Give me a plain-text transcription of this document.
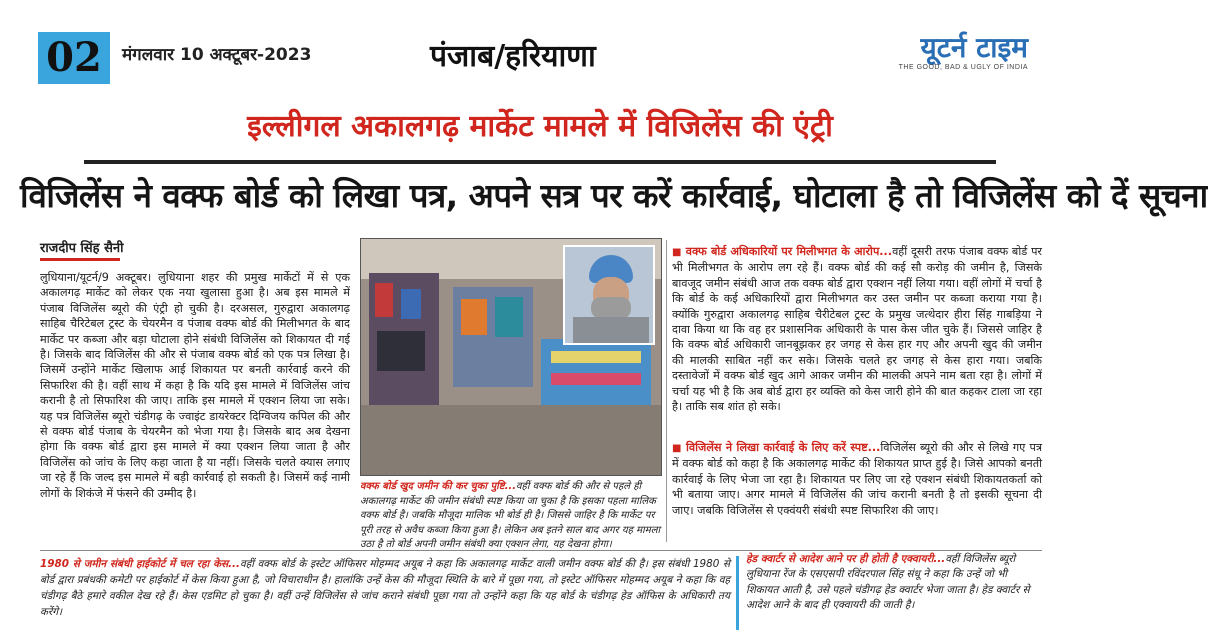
02	मंगलवार 10 अक्टूबर-2023	पंजाब/हरियाणा	यूटर्न टाइम
THE GOOD, BAD & UGLY OF INDIA
इल्लीगल अकालगढ़ मार्केट मामले में विजिलेंस की एंट्री
विजिलेंस ने वक्फ बोर्ड को लिखा पत्र, अपने सत्र पर करें कार्रवाई, घोटाला है तो विजिलेंस को दें सूचना
राजदीप सिंह सैनी
लुधियाना/यूटर्न/9 अक्टूबर। लुधियाना शहर की प्रमुख मार्केटों में से एक अकालगढ़ मार्केट को लेकर एक नया खुलासा हुआ है। अब इस मामले में पंजाब विजिलेंस ब्यूरो की एंट्री हो चुकी है। दरअसल, गुरुद्वारा अकालगढ़ साहिब चैरिटेबल ट्रस्ट के चेयरमैन व पंजाब वक्फ बोर्ड की मिलीभगत के बाद मार्केट पर कब्जा और बड़ा घोटाला होने संबंधी विजिलेंस को शिकायत दी गई है। जिसके बाद विजिलेंस की और से पंजाब वक्फ बोर्ड को एक पत्र लिखा है। जिसमें उन्होंने मार्केट खिलाफ आई शिकायत पर बनती कार्रवाई करने की सिफारिश की है। वहीं साथ में कहा है कि यदि इस मामले में विजिलेंस जांच करानी है तो सिफारिश की जाए। ताकि इस मामले में एक्शन लिया जा सके। यह पत्र विजिलेंस ब्यूरो चंडीगढ़ के ज्वाइंट डायरेक्टर दिग्विजय कपिल की और से वक्फ बोर्ड पंजाब के चेयरमैन को भेजा गया है। जिसके बाद अब देखना होगा कि वक्फ बोर्ड द्वारा इस मामले में क्या एक्शन लिया जाता है और विजिलेंस को जांच के लिए कहा जाता है या नहीं। जिसके चलते क्यास लगाए जा रहे हैं कि जल्द इस मामले में बड़ी कार्रवाई हो सकती है। जिसमें कई नामी लोगों के शिकंजे में फंसने की उम्मीद है।
वक्फ बोर्ड खुद जमीन की कर चुका पुष्टि...वहीं वक्फ बोर्ड की और से पहले ही अकालगढ़ मार्केट की जमीन संबंधी स्पष्ट किया जा चुका है कि इसका पहला मालिक वक्फ बोर्ड है। जबकि मौजूदा मालिक भी बोर्ड ही है। जिससे जाहिर है कि मार्केट पर पूरी तरह से अवैध कब्जा किया हुआ है। लेकिन अब इतने साल बाद अगर यह मामला उठा है तो बोर्ड अपनी जमीन संबंधी क्या एक्शन लेगा, यह देखना होगा।
■ वक्फ बोर्ड अधिकारियों पर मिलीभगत के आरोप...वहीं दूसरी तरफ पंजाब वक्फ बोर्ड पर भी मिलीभगत के आरोप लग रहे हैं। वक्फ बोर्ड की कई सौ करोड़ की जमीन है, जिसके बावजूद जमीन संबंधी आज तक वक्फ बोर्ड द्वारा एक्शन नहीं लिया गया। वहीं लोगों में चर्चा है कि बोर्ड के कई अधिकारियों द्वारा मिलीभगत कर उस्त जमीन पर कब्जा कराया गया है। क्योंकि गुरुद्वारा अकालगढ़ साहिब चैरीटेबल ट्रस्ट के प्रमुख जत्थेदार हीरा सिंह गाबड़िया ने दावा किया था कि वह हर प्रशासनिक अधिकारी के पास केस जीत चुके हैं। जिससे जाहिर है कि वक्फ बोर्ड अधिकारी जानबूझकर हर जगह से केस हार गए और अपनी खुद की जमीन की मालकी साबित नहीं कर सके। जिसके चलते हर जगह से केस हारा गया। जबकि दस्तावेजों में वक्फ बोर्ड खुद आगे आकर जमीन की मालकी अपने नाम बता रहा है। लोगों में चर्चा यह भी है कि अब बोर्ड द्वारा हर व्यक्ति को केस जारी होने की बात कहकर टाला जा रहा है। ताकि सब शांत हो सके।
■ विजिलेंस ने लिखा कार्रवाई के लिए करें स्पष्ट...विजिलेंस ब्यूरो की और से लिखे गए पत्र में वक्फ बोर्ड को कहा है कि अकालगढ़ मार्केट की शिकायत प्राप्त हुई है। जिसे आपको बनती कार्रवाई के लिए भेजा जा रहा है। शिकायत पर लिए जा रहे एक्शन संबंधी शिकायतकर्ता को भी बताया जाए। अगर मामले में विजिलेंस की जांच करानी बनती है तो इसकी सूचना दी जाए। जबकि विजिलेंस से एक्वंयरी संबंधी स्पष्ट सिफारिश की जाए।
1980 से जमीन संबंधी हाईकोर्ट में चल रहा केस...वहीं वक्फ बोर्ड के इस्टेट ऑफिसर मोहम्मद अयूब ने कहा कि अकालगढ़ मार्केट वाली जमीन वक्फ बोर्ड की है। इस संबंधी 1980 से बोर्ड द्वारा प्रबंधकी कमेटी पर हाईकोर्ट में केस किया हुआ है, जो विचाराधीन है। हालांकि उन्हें केस की मौजूदा स्थिति के बारे में पूछा गया, तो इस्टेट ऑफिसर मोहम्मद अयूब ने कहा कि वह चंडीगढ़ बैठे हमारे वकील देख रहे हैं। केस एडमिट हो चुका है। वहीं उन्हें विजिलेंस से जांच कराने संबंधी पूछा गया तो उन्होंने कहा कि यह बोर्ड के चंडीगढ़ हेड ऑफिस के अधिकारी तय करेंगे।
हेड क्वार्टर से आदेश आने पर ही होती है एक्वायरी...वहीं विजिलेंस ब्यूरो लुधियाना रेंज के एसएसपी रविंदरपाल सिंह संधू ने कहा कि उन्हें जो भी शिकायत आती है, उसे पहले चंडीगढ़ हेड क्वार्टर भेजा जाता है। हेड क्वार्टर से आदेश आने के बाद ही एक्वायरी की जाती है।
